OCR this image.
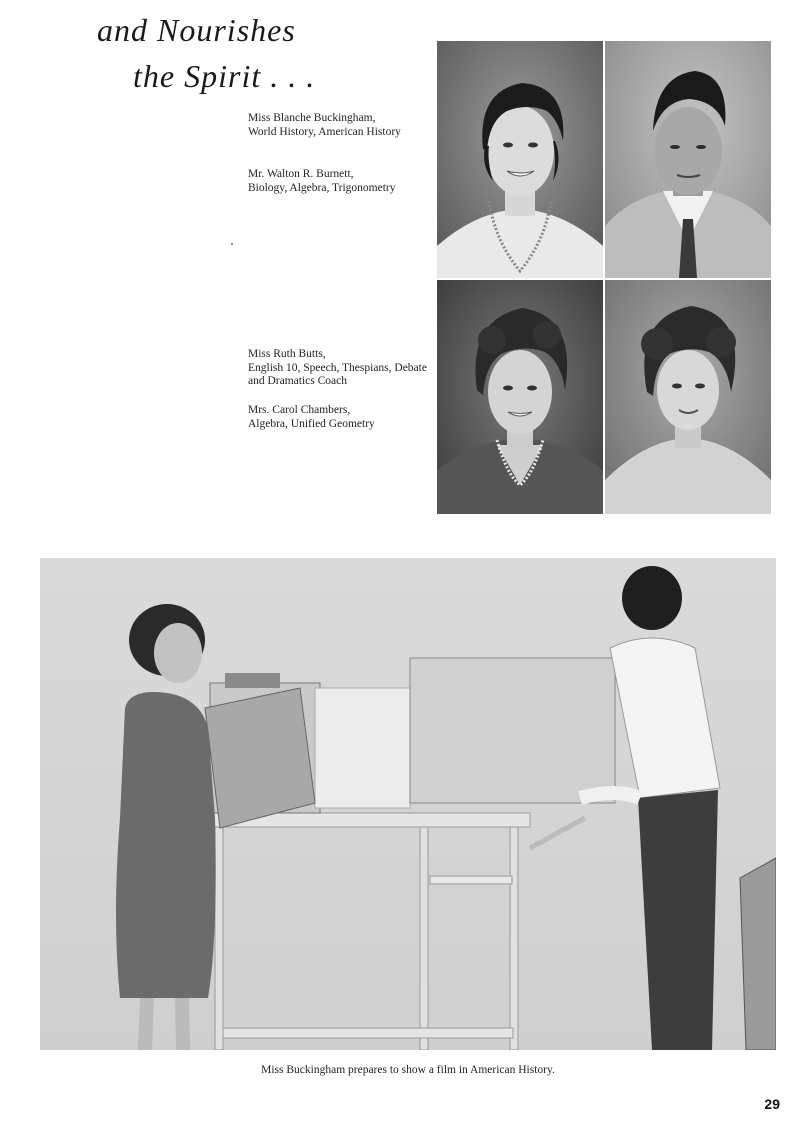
and Nourishes
the Spirit . . .
Miss Blanche Buckingham,
World History, American History
Mr. Walton R. Burnett,
Biology, Algebra, Trigonometry
Miss Ruth Butts,
English 10, Speech, Thespians, Debate and Dramatics Coach
Mrs. Carol Chambers,
Algebra, Unified Geometry
Miss Buckingham prepares to show a film in American History.
29
